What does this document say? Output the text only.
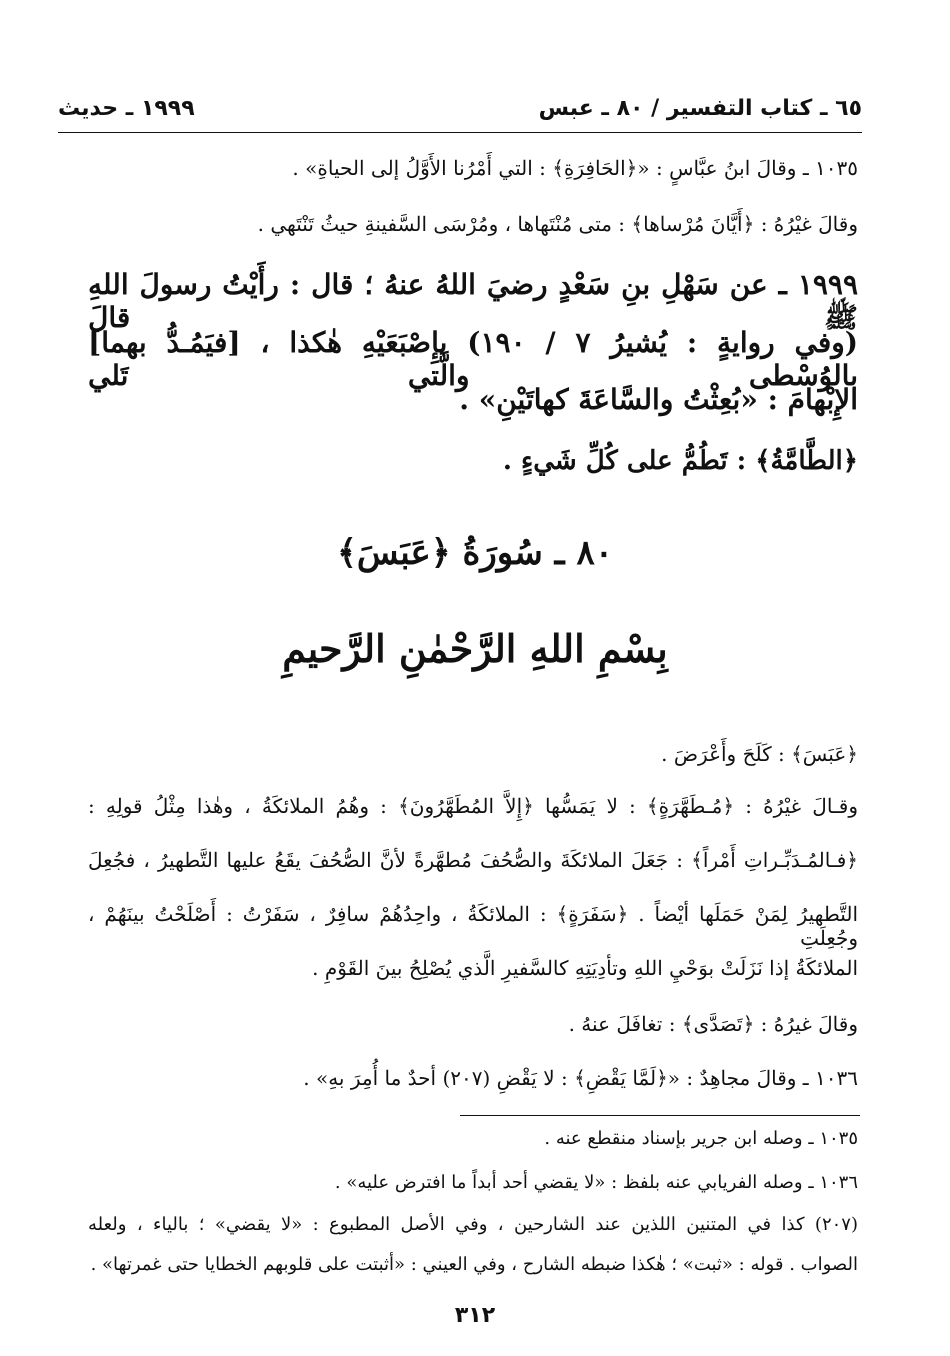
٦٥ ـ كتاب التفسير / ٨٠ ـ عبس
١٩٩٩ ـ حديث
١٠٣٥ ـ وقالَ ابنُ عبَّاسٍ : «﴿الحَافِرَةِ﴾ : التي أَمْرُنا الأَوَّلُ إلى الحياةِ» .
وقالَ غيْرُهُ : ﴿أَيَّانَ مُرْساها﴾ : متى مُنْتَهاها ، ومُرْسَى السَّفينةِ حيثُ تَنْتَهي .
١٩٩٩ ـ عن سَهْلِ بنِ سَعْدٍ رضيَ اللهُ عنهُ ؛ قال : رأَيْتُ رسولَ اللهِ ﷺ قالَ
(وفي روايةٍ : يُشيرُ ٧ / ١٩٠) بإِصْبَعَيْهِ هٰكذا ، [فيَمُـدُّ بهما] بالوُسْطى والَّتي تَلي
الإِبْهامَ : «بُعِثْتُ والسَّاعَةَ كهاتَيْنِ» .
﴿الطَّامَّةُ﴾ : تَطُمُّ على كُلِّ شَيءٍ .
٨٠ ـ سُورَةُ ﴿عَبَسَ﴾
بِسْمِ اللهِ الرَّحْمٰنِ الرَّحيمِ
﴿عَبَسَ﴾ : كَلَحَ وأَعْرَضَ .
وقـالَ غيْرُهُ : ﴿مُـطَهَّرَةٍ﴾ : لا يَمَسُّها ﴿إِلاَّ المُطَهَّرُونَ﴾ : وهُمُ الملائكَةُ ، وهٰذا مِثْلُ قولِهِ :
﴿فـالمُـدَبِّـراتِ أَمْراً﴾ : جَعَلَ الملائكَةَ والصُّحُفَ مُطهَّرةً لأنَّ الصُّحُفَ يقَعُ عليها التَّطهيرُ ، فجُعِلَ
التَّطهيرُ لِمَنْ حَمَلَها أيْضاً . ﴿سَفَرَةٍ﴾ : الملائكَةُ ، واحِدُهُمْ سافِرٌ ، سَفَرْتُ : أَصْلَحْتُ بينَهُمْ ، وجُعِلَتِ
الملائكَةُ إذا نَزَلَتْ بوَحْيِ اللهِ وتأدِيَتِهِ كالسَّفيرِ الَّذي يُصْلِحُ بينَ القَوْمِ .
وقالَ غيرُهُ : ﴿تَصَدَّى﴾ : تغافَلَ عنهُ .
١٠٣٦ ـ وقالَ مجاهِدٌ : «﴿لَمَّا يَقْضِ﴾ : لا يَقْضِ (٢٠٧) أحدٌ ما أُمِرَ بهِ» .
١٠٣٥ ـ وصله ابن جرير بإسناد منقطع عنه .
١٠٣٦ ـ وصله الفريابي عنه بلفظ : «لا يقضي أحد أبداً ما افترض عليه» .
(٢٠٧) كذا في المتنين اللذين عند الشارحين ، وفي الأصل المطبوع : «لا يقضي» ؛ بالياء ، ولعله
الصواب . قوله : «ثبت» ؛ هٰكذا ضبطه الشارح ، وفي العيني : «أثبتت على قلوبهم الخطايا حتى غمرتها» .
٣١٢
